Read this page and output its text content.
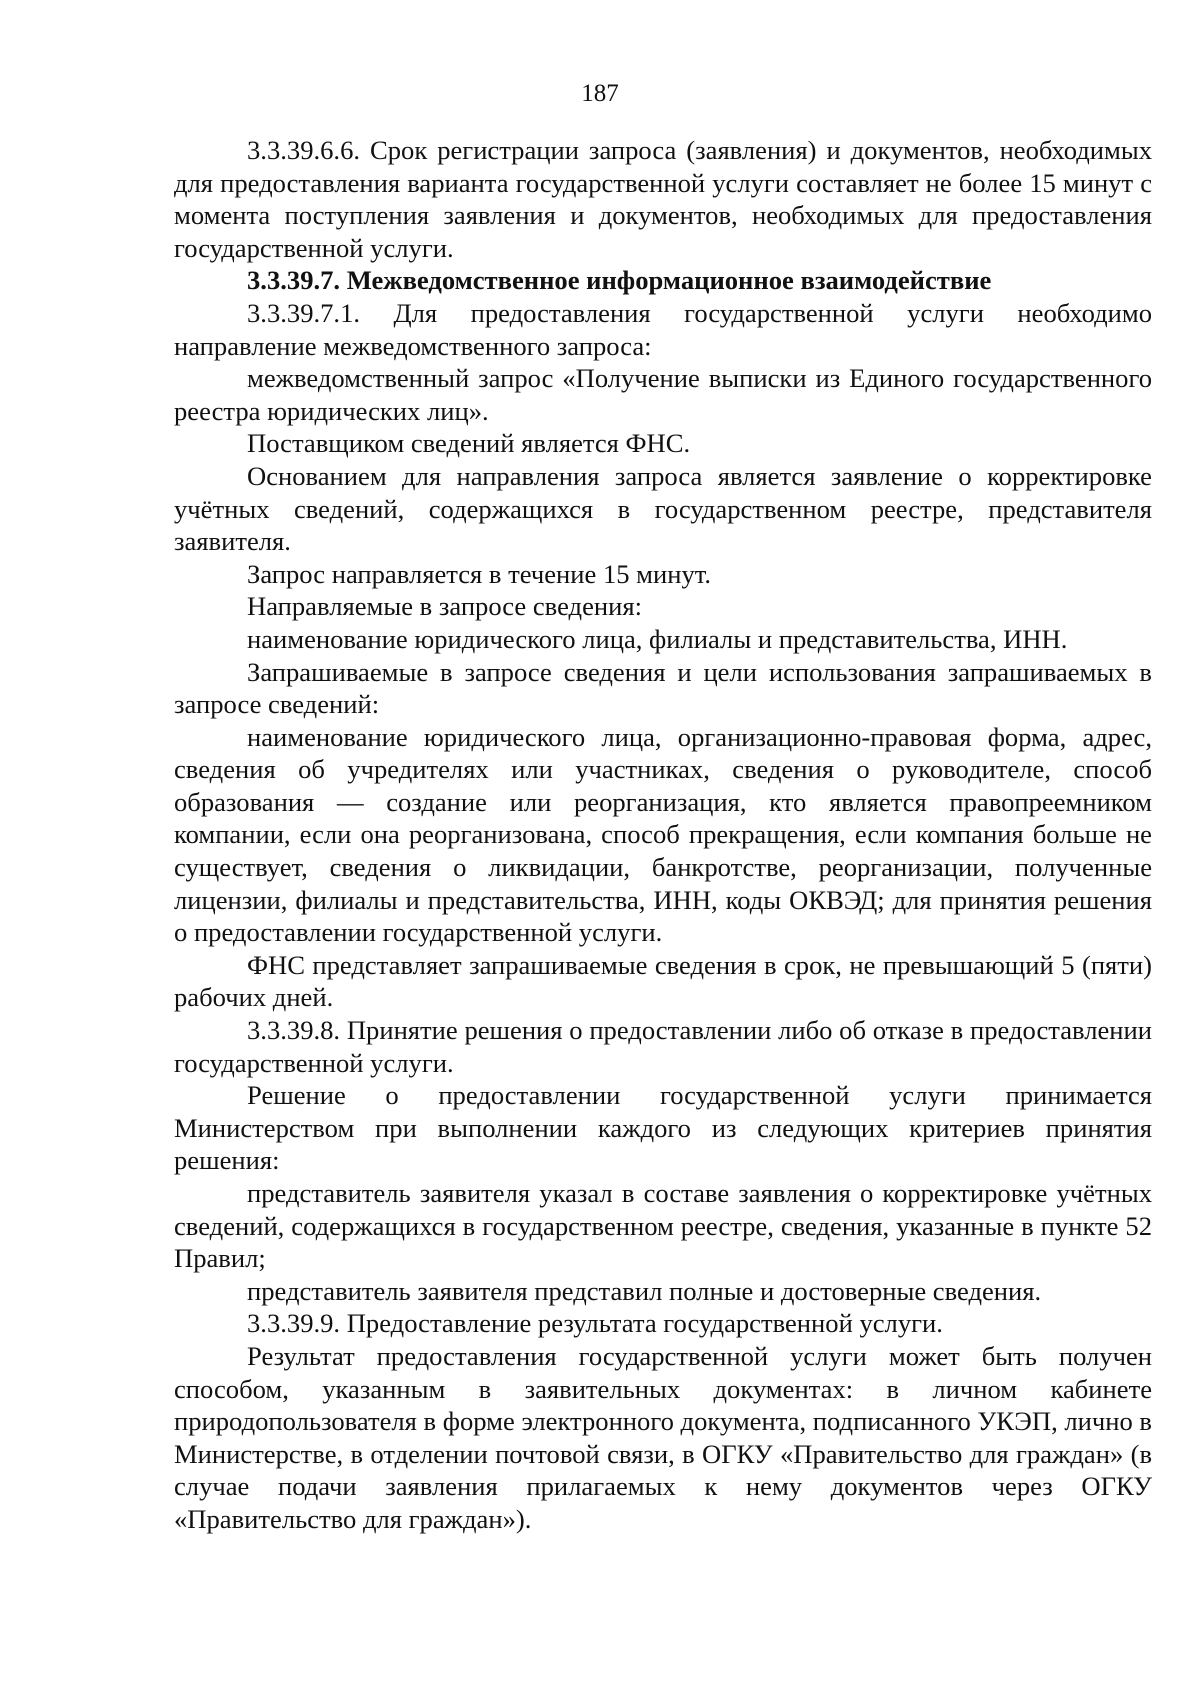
187

3.3.39.6.6. Срок регистрации запроса (заявления) и документов, необходимых для предоставления варианта государственной услуги составляет не более 15 минут с момента поступления заявления и документов, необходимых для предоставления государственной услуги.

3.3.39.7. Межведомственное информационное взаимодействие

3.3.39.7.1. Для предоставления государственной услуги необходимо направление межведомственного запроса:

межведомственный запрос «Получение выписки из Единого государственного реестра юридических лиц».

Поставщиком сведений является ФНС.

Основанием для направления запроса является заявление о корректировке учётных сведений, содержащихся в государственном реестре, представителя заявителя.

Запрос направляется в течение 15 минут.

Направляемые в запросе сведения:

наименование юридического лица, филиалы и представительства, ИНН.

Запрашиваемые в запросе сведения и цели использования запрашиваемых в запросе сведений:

наименование юридического лица, организационно-правовая форма, адрес, сведения об учредителях или участниках, сведения о руководителе, способ образования — создание или реорганизация, кто является правопреемником компании, если она реорганизована, способ прекращения, если компания больше не существует, сведения о ликвидации, банкротстве, реорганизации, полученные лицензии, филиалы и представительства, ИНН, коды ОКВЭД; для принятия решения о предоставлении государственной услуги.

ФНС представляет запрашиваемые сведения в срок, не превышающий 5 (пяти) рабочих дней.

3.3.39.8. Принятие решения о предоставлении либо об отказе в предоставлении государственной услуги.

Решение о предоставлении государственной услуги принимается Министерством при выполнении каждого из следующих критериев принятия решения:

представитель заявителя указал в составе заявления о корректировке учётных сведений, содержащихся в государственном реестре, сведения, указанные в пункте 52 Правил;

представитель заявителя представил полные и достоверные сведения.

3.3.39.9. Предоставление результата государственной услуги.

Результат предоставления государственной услуги может быть получен способом, указанным в заявительных документах: в личном кабинете природопользователя в форме электронного документа, подписанного УКЭП, лично в Министерстве, в отделении почтовой связи, в ОГКУ «Правительство для граждан» (в случае подачи заявления прилагаемых к нему документов через ОГКУ «Правительство для граждан»).
